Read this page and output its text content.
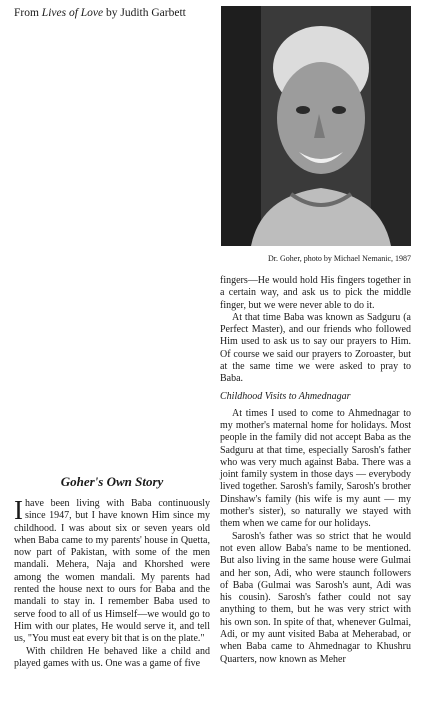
From Lives of Love by Judith Garbett
Dr. Goher, photo by Michael Nemanic, 1987
Goher's Own Story

Ihave been living with Baba continuously since 1947, but I have known Him since my childhood. I was about six or seven years old when Baba came to my parents' house in Quetta, now part of Pakistan, with some of the men mandali. Mehera, Naja and Khorshed were among the women mandali. My parents had rented the house next to ours for Baba and the mandali to stay in. I remember Baba used to serve food to all of us Himself—we would go to Him with our plates, He would serve it, and tell us, "You must eat every bit that is on the plate."

With children He behaved like a child and played games with us. One was a game of five

fingers—He would hold His fingers together in a certain way, and ask us to pick the middle finger, but we were never able to do it.

At that time Baba was known as Sadguru (a Perfect Master), and our friends who followed Him used to ask us to say our prayers to Him. Of course we said our prayers to Zoroaster, but at the same time we were asked to pray to Baba.

Childhood Visits to Ahmednagar

At times I used to come to Ahmednagar to my mother's maternal home for holidays. Most people in the family did not accept Baba as the Sadguru at that time, especially Sarosh's father who was very much against Baba. There was a joint family system in those days — everybody lived together. Sarosh's family, Sarosh's brother Dinshaw's family (his wife is my aunt — my mother's sister), so naturally we stayed with them when we came for our holidays.

Sarosh's father was so strict that he would not even allow Baba's name to be mentioned. But also living in the same house were Gulmai and her son, Adi, who were staunch followers of Baba (Gulmai was Sarosh's aunt, Adi was his cousin). Sarosh's father could not say anything to them, but he was very strict with his own son. In spite of that, whenever Gulmai, Adi, or my aunt visited Baba at Meherabad, or when Baba came to Ahmednagar to Khushru Quarters, now known as Meher
